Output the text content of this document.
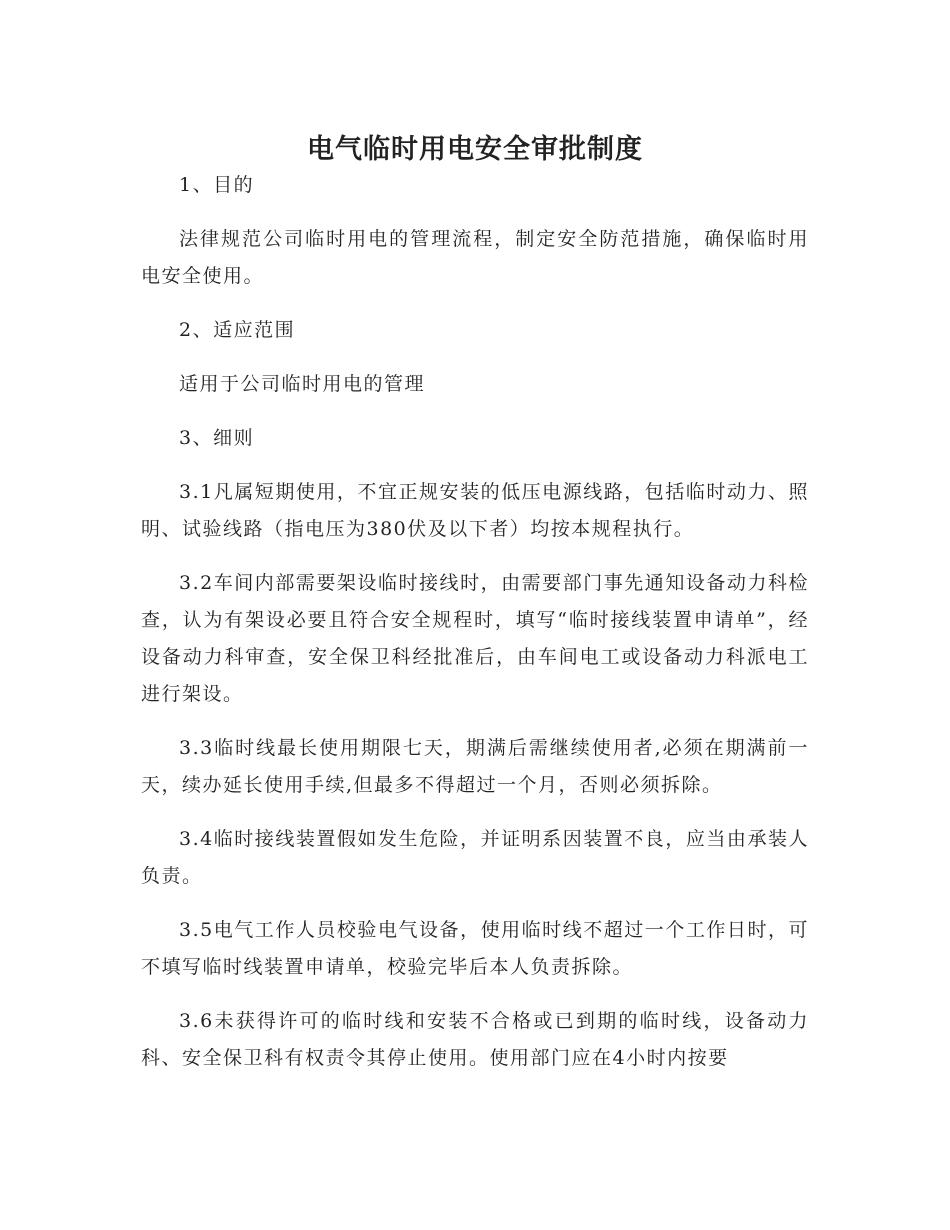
电气临时用电安全审批制度

1、目的

法律规范公司临时用电的管理流程，制定安全防范措施，确保临时用电安全使用。

2、适应范围

适用于公司临时用电的管理

3、细则

3.1凡属短期使用，不宜正规安装的低压电源线路，包括临时动力、照明、试验线路（指电压为380伏及以下者）均按本规程执行。

3.2车间内部需要架设临时接线时，由需要部门事先通知设备动力科检查，认为有架设必要且符合安全规程时，填写“临时接线装置申请单”，经设备动力科审查，安全保卫科经批准后，由车间电工或设备动力科派电工进行架设。

3.3临时线最长使用期限七天，期满后需继续使用者,必须在期满前一天，续办延长使用手续,但最多不得超过一个月，否则必须拆除。

3.4临时接线装置假如发生危险，并证明系因装置不良，应当由承装人负责。

3.5电气工作人员校验电气设备，使用临时线不超过一个工作日时，可不填写临时线装置申请单，校验完毕后本人负责拆除。

3.6未获得许可的临时线和安装不合格或已到期的临时线，设备动力科、安全保卫科有权责令其停止使用。使用部门应在4小时内按要
